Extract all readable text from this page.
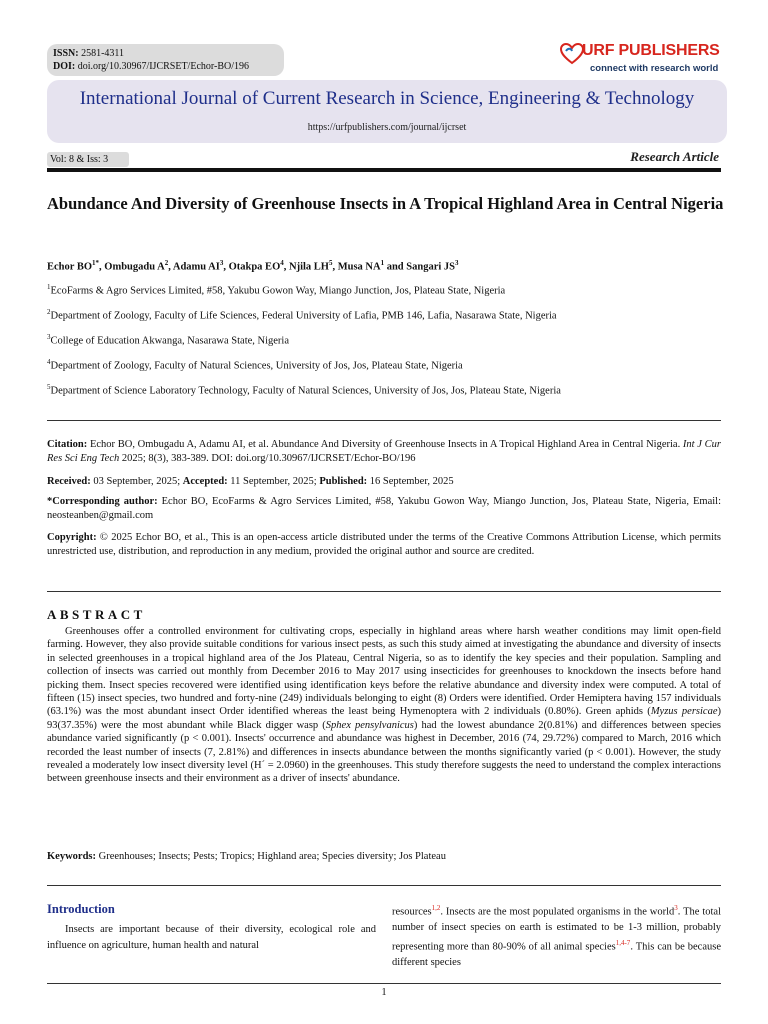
ISSN: 2581-4311
DOI: doi.org/10.30967/IJCRSET/Echor-BO/196
URF PUBLISHERS
connect with research world
International Journal of Current Research in Science, Engineering & Technology
https://urfpublishers.com/journal/ijcrset
Vol: 8 & Iss: 3	Research Article
Abundance And Diversity of Greenhouse Insects in A Tropical Highland Area in Central Nigeria
Echor $BO^{1*}$, Ombugadu $A^2$, Adamu $AI^3$, Otakpa $EO^4$, Njila $LH^5$, Musa $NA^1$ and Sangari $JS^3$
$^1$EcoFarms & Agro Services Limited, #58, Yakubu Gowon Way, Miango Junction, Jos, Plateau State, Nigeria
$^2$Department of Zoology, Faculty of Life Sciences, Federal University of Lafia, PMB 146, Lafia, Nasarawa State, Nigeria
$^3$College of Education Akwanga, Nasarawa State, Nigeria
$^4$Department of Zoology, Faculty of Natural Sciences, University of Jos, Jos, Plateau State, Nigeria
$^5$Department of Science Laboratory Technology, Faculty of Natural Sciences, University of Jos, Jos, Plateau State, Nigeria
Citation: Echor BO, Ombugadu A, Adamu AI, et al. Abundance And Diversity of Greenhouse Insects in A Tropical Highland Area in Central Nigeria. Int J Cur Res Sci Eng Tech 2025; 8(3), 383-389. DOI: doi.org/10.30967/IJCRSET/Echor-BO/196
Received: 03 September, 2025; Accepted: 11 September, 2025; Published: 16 September, 2025
*Corresponding author: Echor BO, EcoFarms & Agro Services Limited, #58, Yakubu Gowon Way, Miango Junction, Jos, Plateau State, Nigeria, Email: neosteanben@gmail.com
Copyright: © 2025 Echor BO, et al., This is an open-access article distributed under the terms of the Creative Commons Attribution License, which permits unrestricted use, distribution, and reproduction in any medium, provided the original author and source are credited.
ABSTRACT
Greenhouses offer a controlled environment for cultivating crops, especially in highland areas where harsh weather conditions may limit open-field farming. However, they also provide suitable conditions for various insect pests, as such this study aimed at investigating the abundance and diversity of insects in selected greenhouses in a tropical highland area of the Jos Plateau, Central Nigeria, so as to identify the key species and their population. Sampling and collection of insects was carried out monthly from December 2016 to May 2017 using insecticides for greenhouses to knockdown the insects before hand picking them. Insect species recovered were identified using identification keys before the relative abundance and diversity index were computed. A total of fifteen (15) insect species, two hundred and forty-nine (249) individuals belonging to eight (8) Orders were identified. Order Hemiptera having 157 individuals (63.1%) was the most abundant insect Order identified whereas the least being Hymenoptera with 2 individuals (0.80%). Green aphids (Myzus persicae) 93(37.35%) were the most abundant while Black digger wasp (Sphex pensylvanicus) had the lowest abundance 2(0.81%) and differences between species abundance varied significantly (p < 0.001). Insects' occurrence and abundance was highest in December, 2016 (74, 29.72%) compared to March, 2016 which recorded the least number of insects (7, 2.81%) and differences in insects abundance between the months significantly varied (p < 0.001). However, the study revealed a moderately low insect diversity level (H´ = 2.0960) in the greenhouses. This study therefore suggests the need to understand the complex interactions between greenhouse insects and their environment as a driver of insects' abundance.
Keywords: Greenhouses; Insects; Pests; Tropics; Highland area; Species diversity; Jos Plateau
Introduction
Insects are important because of their diversity, ecological role and influence on agriculture, human health and natural
resources$^{1,2}$. Insects are the most populated organisms in the world$^3$. The total number of insect species on earth is estimated to be 1-3 million, probably representing more than 80-90% of all animal species$^{1,4-7}$. This can be because different species
1
